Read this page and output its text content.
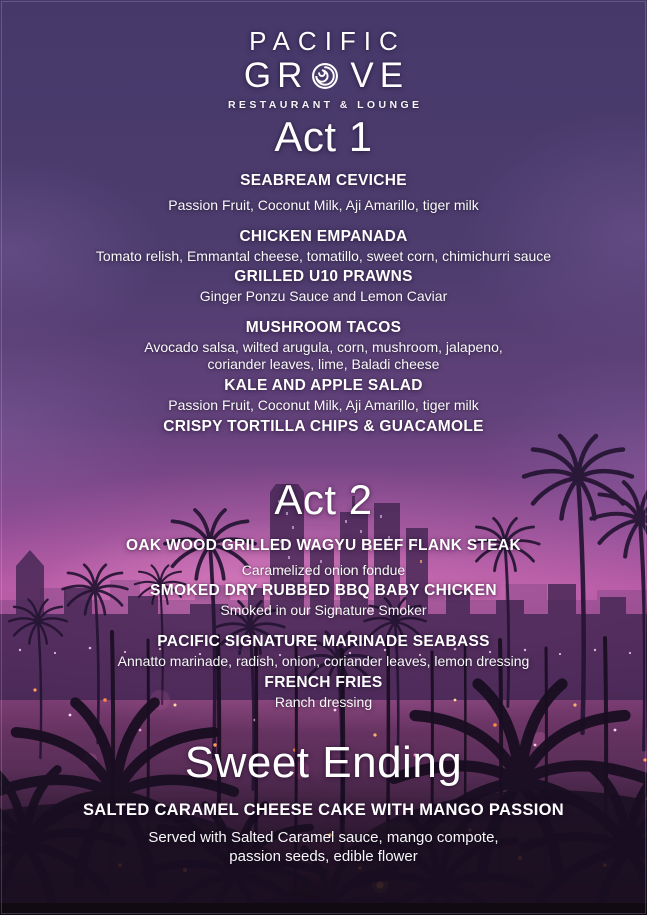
PACIFIC
GR VE
RESTAURANT & LOUNGE
Act 1
SEABREAM CEVICHE
Passion Fruit, Coconut Milk, Aji Amarillo, tiger milk
CHICKEN EMPANADA
Tomato relish, Emmantal cheese, tomatillo, sweet corn, chimichurri sauce
GRILLED U10 PRAWNS
Ginger Ponzu Sauce and Lemon Caviar
MUSHROOM TACOS
Avocado salsa, wilted arugula, corn, mushroom, jalapeno,
coriander leaves, lime, Baladi cheese
KALE AND APPLE SALAD
Passion Fruit, Coconut Milk, Aji Amarillo, tiger milk
CRISPY TORTILLA CHIPS & GUACAMOLE
Act 2
OAK WOOD GRILLED WAGYU BEEF FLANK STEAK
Caramelized onion fondue
SMOKED DRY RUBBED BBQ BABY CHICKEN
Smoked in our Signature Smoker
PACIFIC SIGNATURE MARINADE SEABASS
Annatto marinade, radish, onion, coriander leaves, lemon dressing
FRENCH FRIES
Ranch dressing
Sweet Ending
SALTED CARAMEL CHEESE CAKE WITH MANGO PASSION
Served with Salted Caramel sauce, mango compote,
passion seeds, edible flower
